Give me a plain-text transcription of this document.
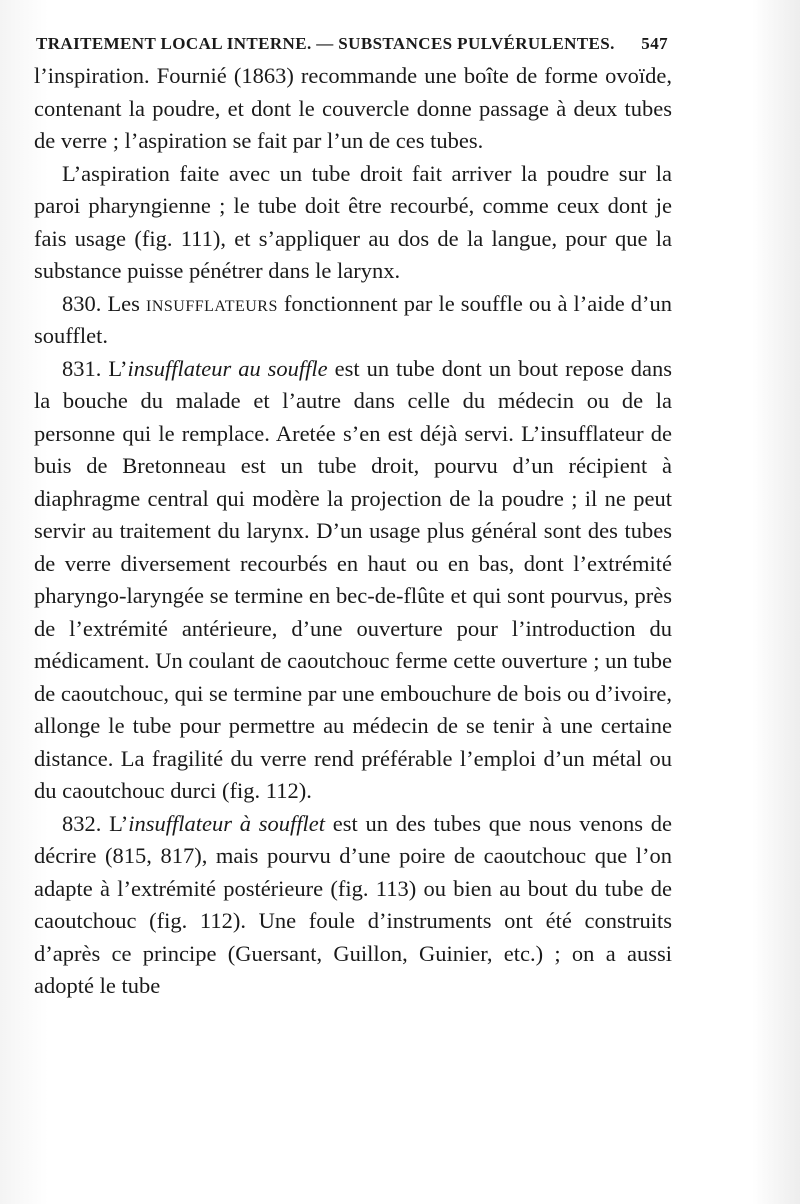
TRAITEMENT LOCAL INTERNE. — SUBSTANCES PULVÉRULENTES. 547

l’inspiration. Fournié (1863) recommande une boîte de forme ovoïde, contenant la poudre, et dont le couvercle donne passage à deux tubes de verre ; l’aspiration se fait par l’un de ces tubes.

L’aspiration faite avec un tube droit fait arriver la poudre sur la paroi pharyngienne ; le tube doit être recourbé, comme ceux dont je fais usage (fig. 111), et s’appliquer au dos de la langue, pour que la substance puisse pénétrer dans le larynx.

830. Les insufflateurs fonctionnent par le souffle ou à l’aide d’un soufflet.

831. L’insufflateur au souffle est un tube dont un bout repose dans la bouche du malade et l’autre dans celle du médecin ou de la personne qui le remplace. Aretée s’en est déjà servi. L’insufflateur de buis de Bretonneau est un tube droit, pourvu d’un récipient à diaphragme central qui modère la projection de la poudre ; il ne peut servir au traitement du larynx. D’un usage plus général sont des tubes de verre diversement recourbés en haut ou en bas, dont l’extrémité pharyngo-laryngée se termine en bec-de-flûte et qui sont pourvus, près de l’extrémité antérieure, d’une ouverture pour l’introduction du médicament. Un coulant de caoutchouc ferme cette ouverture ; un tube de caoutchouc, qui se termine par une embouchure de bois ou d’ivoire, allonge le tube pour permettre au médecin de se tenir à une certaine distance. La fragilité du verre rend préférable l’emploi d’un métal ou du caoutchouc durci (fig. 112).

832. L’insufflateur à soufflet est un des tubes que nous venons de décrire (815, 817), mais pourvu d’une poire de caoutchouc que l’on adapte à l’extrémité postérieure (fig. 113) ou bien au bout du tube de caoutchouc (fig. 112). Une foule d’instruments ont été construits d’après ce principe (Guersant, Guillon, Guinier, etc.) ; on a aussi adopté le tube
